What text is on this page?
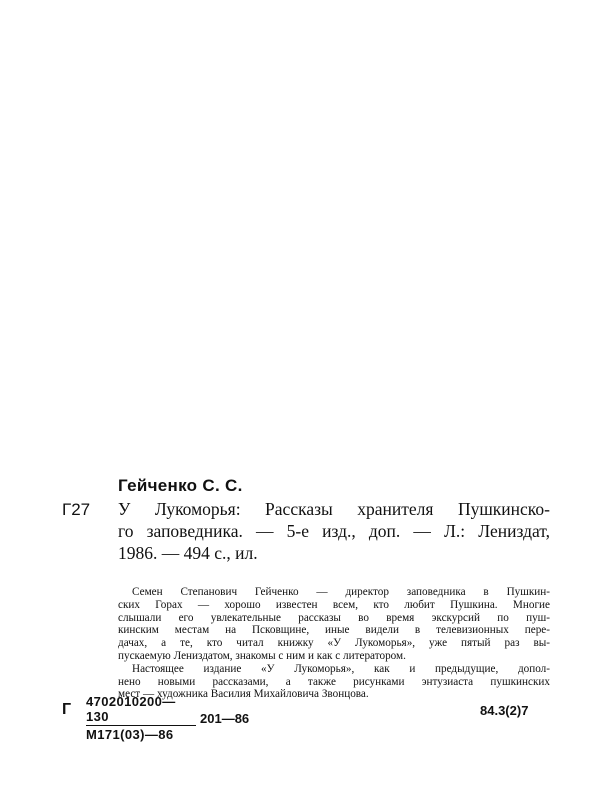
Гейченко С. С.
Г27 У Лукоморья: Рассказы хранителя Пушкинско-
го заповедника. — 5-е изд., доп. — Л.: Лениздат,
1986. — 494 с., ил.
Семен Степанович Гейченко — директор заповедника в Пушкин-
ских Горах — хорошо известен всем, кто любит Пушкина. Многие
слышали его увлекательные рассказы во время экскурсий по пуш-
кинским местам на Псковщине, иные видели в телевизионных пере-
дачах, а те, кто читал книжку «У Лукоморья», уже пятый раз вы-
пускаемую Лениздатом, знакомы с ним и как с литератором.
Настоящее издание «У Лукоморья», как и предыдущие, допол-
нено новыми рассказами, а также рисунками энтузиаста пушкинских
мест — художника Василия Михайловича Звонцова.
Г 4702010200—130
М171(03)—86
201—86
84.3(2)7
